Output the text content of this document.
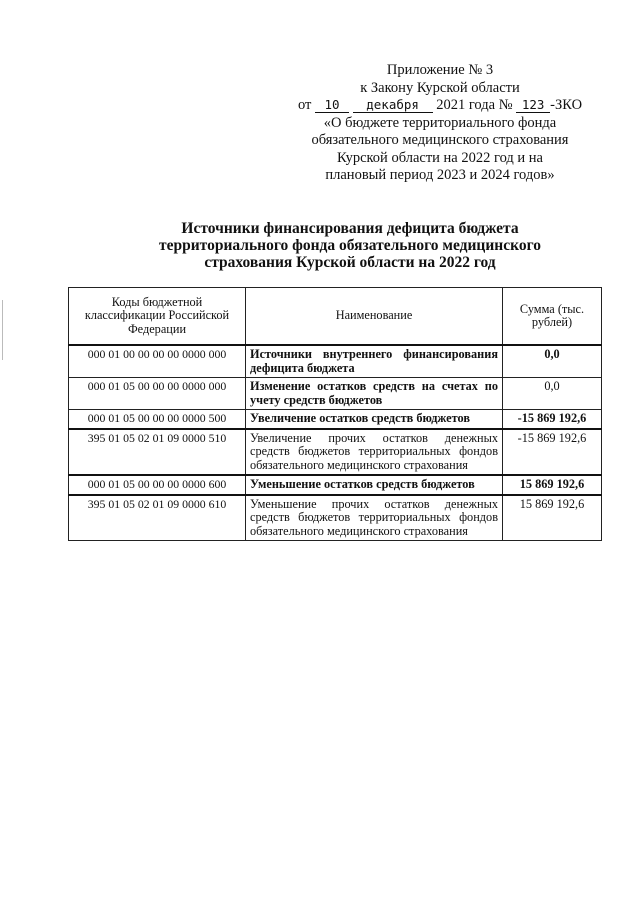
Приложение № 3
к Закону Курской области
от 10 декабря 2021 года № 123 -ЗКО
«О бюджете территориального фонда
обязательного медицинского страхования
Курской области на 2022 год и на
плановый период 2023 и 2024 годов»
Источники финансирования дефицита бюджета
территориального фонда обязательного медицинского
страхования Курской области на 2022 год
Коды бюджетной классификации Российской Федерации	Наименование	Сумма (тыс. рублей)
000 01 00 00 00 00 0000 000	Источники внутреннего финансирования дефицита бюджета	0,0
000 01 05 00 00 00 0000 000	Изменение остатков средств на счетах по учету средств бюджетов	0,0
000 01 05 00 00 00 0000 500	Увеличение остатков средств бюджетов	-15 869 192,6
395 01 05 02 01 09 0000 510	Увеличение прочих остатков денежных средств бюджетов территориальных фондов обязательного медицинского страхования	-15 869 192,6
000 01 05 00 00 00 0000 600	Уменьшение остатков средств бюджетов	15 869 192,6
395 01 05 02 01 09 0000 610	Уменьшение прочих остатков денежных средств бюджетов территориальных фондов обязательного медицинского страхования	15 869 192,6
